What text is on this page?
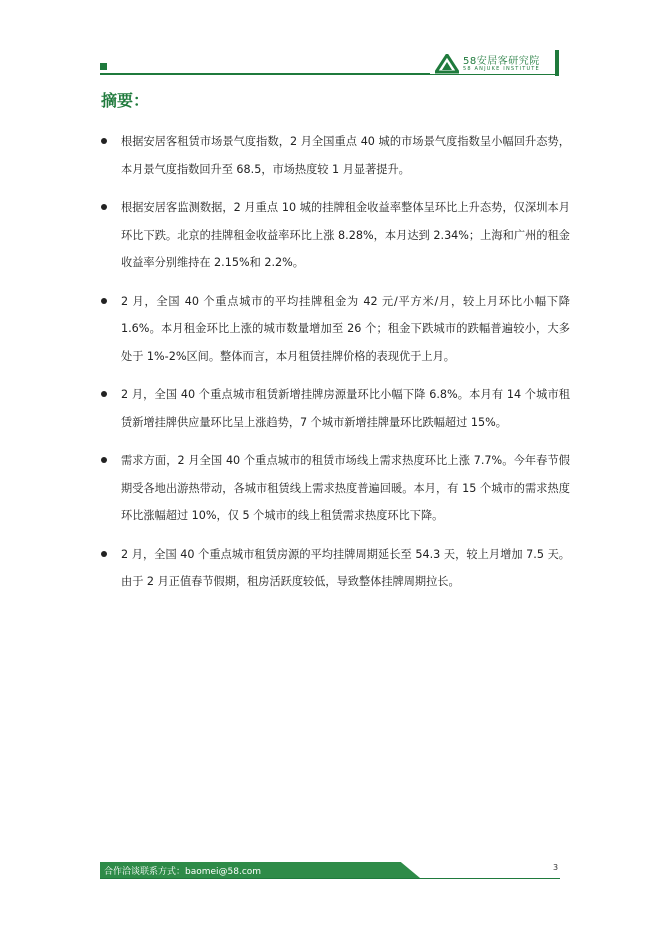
58安居客研究院
58 ANJUKE INSTITUTE
摘要：
根据安居客租赁市场景气度指数，2 月全国重点 40 城的市场景气度指数呈小幅回升态势，本月景气度指数回升至 68.5，市场热度较 1 月显著提升。
根据安居客监测数据，2 月重点 10 城的挂牌租金收益率整体呈环比上升态势，仅深圳本月环比下跌。北京的挂牌租金收益率环比上涨 8.28%，本月达到 2.34%；上海和广州的租金收益率分别维持在 2.15%和 2.2%。
2 月，全国 40 个重点城市的平均挂牌租金为 42 元/平方米/月，较上月环比小幅下降 1.6%。本月租金环比上涨的城市数量增加至 26 个；租金下跌城市的跌幅普遍较小，大多处于 1%-2%区间。整体而言，本月租赁挂牌价格的表现优于上月。
2 月，全国 40 个重点城市租赁新增挂牌房源量环比小幅下降 6.8%。本月有 14 个城市租赁新增挂牌供应量环比呈上涨趋势，7 个城市新增挂牌量环比跌幅超过 15%。
需求方面，2 月全国 40 个重点城市的租赁市场线上需求热度环比上涨 7.7%。今年春节假期受各地出游热带动，各城市租赁线上需求热度普遍回暖。本月，有 15 个城市的需求热度环比涨幅超过 10%，仅 5 个城市的线上租赁需求热度环比下降。
2 月，全国 40 个重点城市租赁房源的平均挂牌周期延长至 54.3 天，较上月增加 7.5 天。由于 2 月正值春节假期，租房活跃度较低，导致整体挂牌周期拉长。
合作洽谈联系方式：baomei@58.com	3
